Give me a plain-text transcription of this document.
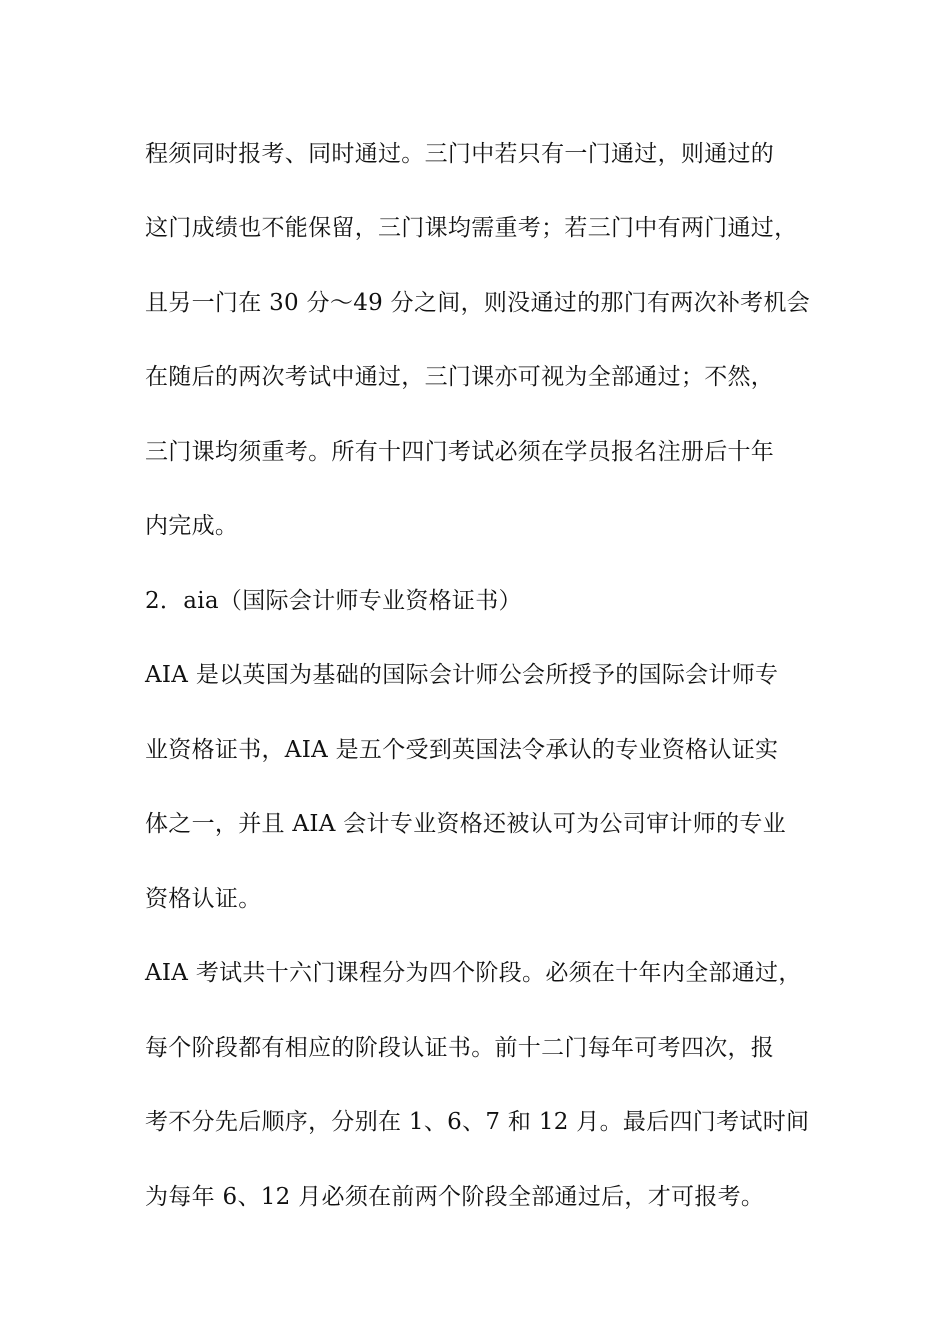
程须同时报考、同时通过。三门中若只有一门通过，则通过的
这门成绩也不能保留，三门课均需重考；若三门中有两门通过，
且另一门在 30 分～49 分之间，则没通过的那门有两次补考机会
在随后的两次考试中通过，三门课亦可视为全部通过；不然，
三门课均须重考。所有十四门考试必须在学员报名注册后十年
内完成。
2．aia（国际会计师专业资格证书）
AIA 是以英国为基础的国际会计师公会所授予的国际会计师专
业资格证书，AIA 是五个受到英国法令承认的专业资格认证实
体之一，并且 AIA 会计专业资格还被认可为公司审计师的专业
资格认证。
AIA 考试共十六门课程分为四个阶段。必须在十年内全部通过，
每个阶段都有相应的阶段认证书。前十二门每年可考四次，报
考不分先后顺序，分别在 1、6、7 和 12 月。最后四门考试时间
为每年 6、12 月必须在前两个阶段全部通过后，才可报考。
